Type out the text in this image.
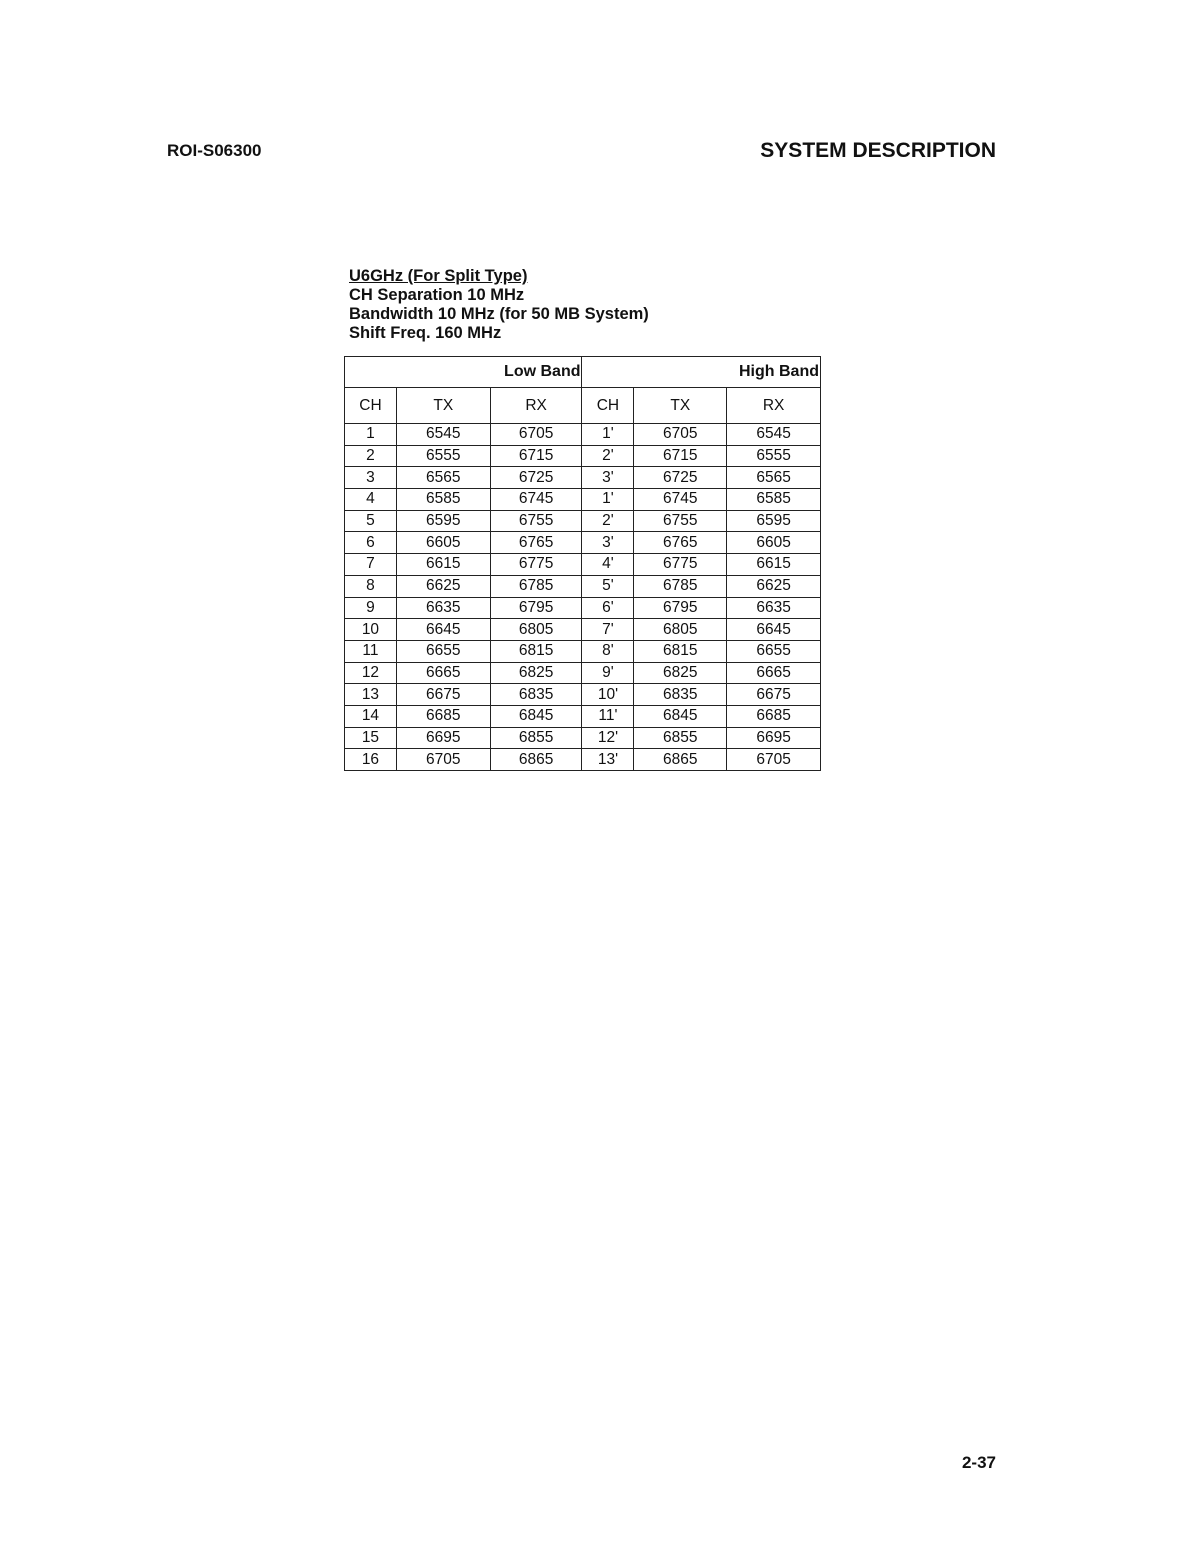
ROI-S06300	SYSTEM DESCRIPTION
U6GHz (For Split Type)
CH Separation 10 MHz
Bandwidth 10 MHz (for 50 MB System)
Shift Freq. 160 MHz
Low Band			High Band		
CH	TX	RX	CH	TX	RX
1	6545	6705	1'	6705	6545
2	6555	6715	2'	6715	6555
3	6565	6725	3'	6725	6565
4	6585	6745	1'	6745	6585
5	6595	6755	2'	6755	6595
6	6605	6765	3'	6765	6605
7	6615	6775	4'	6775	6615
8	6625	6785	5'	6785	6625
9	6635	6795	6'	6795	6635
10	6645	6805	7'	6805	6645
11	6655	6815	8'	6815	6655
12	6665	6825	9'	6825	6665
13	6675	6835	10'	6835	6675
14	6685	6845	11'	6845	6685
15	6695	6855	12'	6855	6695
16	6705	6865	13'	6865	6705
2-37
